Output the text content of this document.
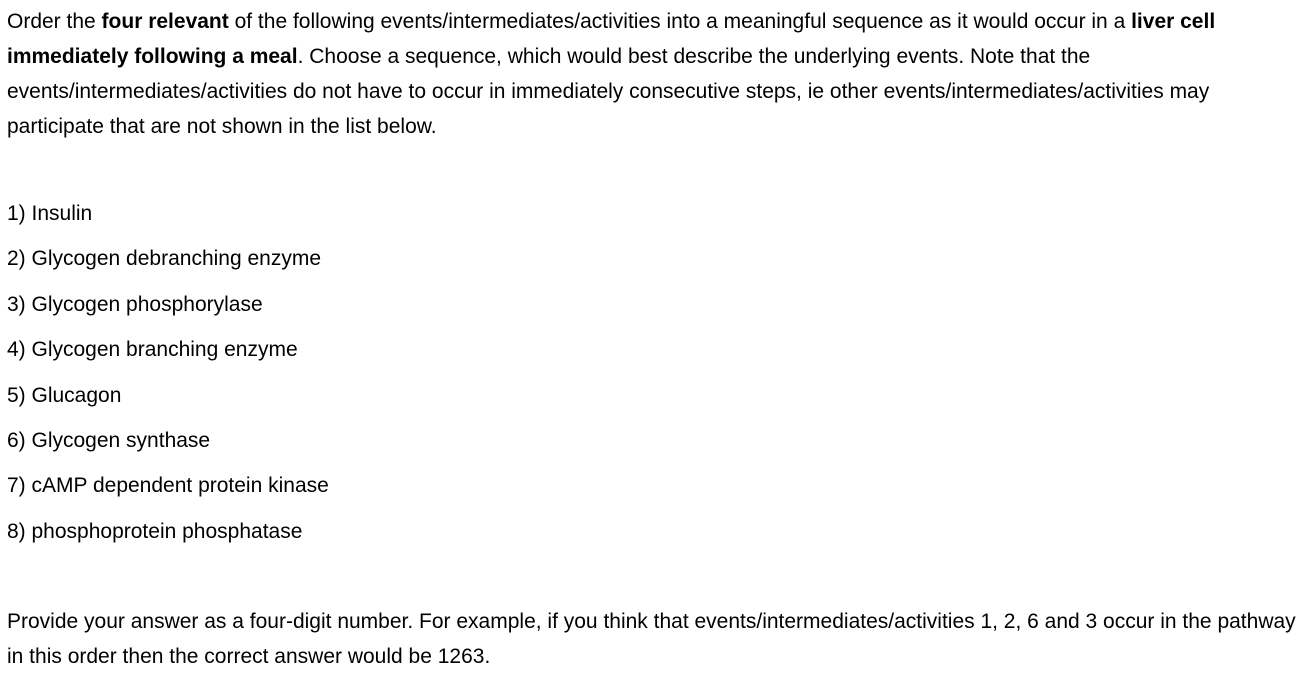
Order the four relevant of the following events/intermediates/activities into a meaningful sequence as it would occur in a liver cell immediately following a meal. Choose a sequence, which would best describe the underlying events. Note that the events/intermediates/activities do not have to occur in immediately consecutive steps, ie other events/intermediates/activities may participate that are not shown in the list below.
1) Insulin
2) Glycogen debranching enzyme
3) Glycogen phosphorylase
4) Glycogen branching enzyme
5) Glucagon
6) Glycogen synthase
7) cAMP dependent protein kinase
8) phosphoprotein phosphatase
Provide your answer as a four-digit number. For example, if you think that events/intermediates/activities 1, 2, 6 and 3 occur in the pathway in this order then the correct answer would be 1263.
